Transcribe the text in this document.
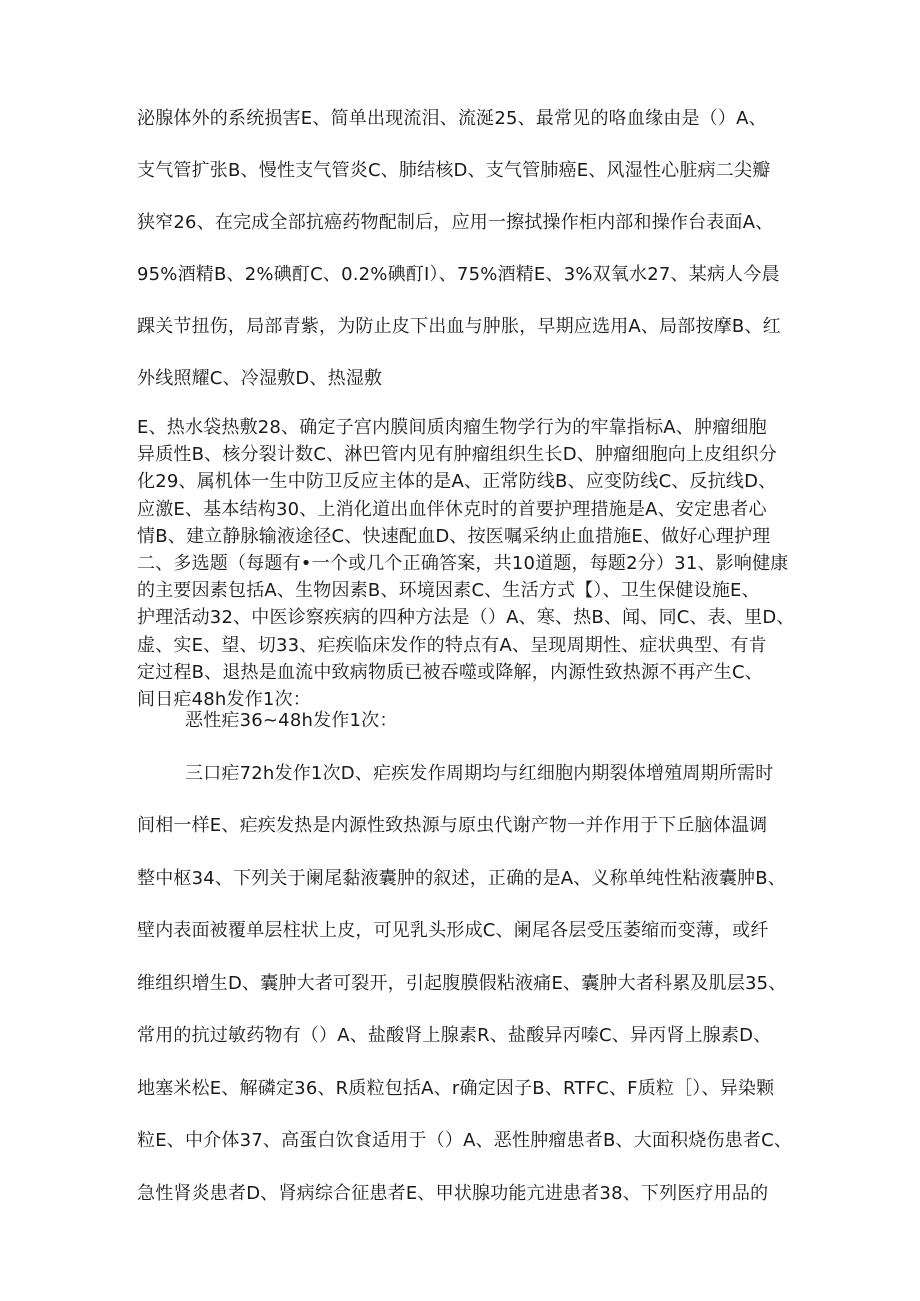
泌腺体外的系统损害E、简单出现流泪、流涎25、最常见的咯血缘由是（）A、

支气管扩张B、慢性支气管炎C、肺结核D、支气管肺癌E、风湿性心脏病二尖瓣

狭窄26、在完成全部抗癌药物配制后，应用一擦拭操作柜内部和操作台表面A、

95%酒精B、2%碘酊C、0.2%碘酊I）、75%酒精E、3%双氧水27、某病人今晨

踝关节扭伤，局部青紫，为防止皮下出血与肿胀，早期应选用A、局部按摩B、红

外线照耀C、冷湿敷D、热湿敷

E、热水袋热敷28、确定子宫内膜间质肉瘤生物学行为的牢靠指标A、肿瘤细胞

异质性B、核分裂计数C、淋巴管内见有肿瘤组织生长D、肿瘤细胞向上皮组织分

化29、属机体一生中防卫反应主体的是A、正常防线B、应变防线C、反抗线D、

应激E、基本结构30、上消化道出血伴休克时的首要护理措施是A、安定患者心

情B、建立静脉输液途径C、快速配血D、按医嘱采纳止血措施E、做好心理护理

二、多选题（每题有•一个或几个正确答案，共10道题，每题2分）31、影响健康

的主要因素包括A、生物因素B、环境因素C、生活方式【）、卫生保健设施E、

护理活动32、中医诊察疾病的四种方法是（）A、寒、热B、闻、同C、表、里D、

虚、实E、望、切33、疟疾临床发作的特点有A、呈现周期性、症状典型、有肯

定过程B、退热是血流中致病物质已被吞噬或降解，内源性致热源不再产生C、

间日疟48h发作1次：

恶性疟36~48h发作1次：

三口疟72h发作1次D、疟疾发作周期均与红细胞内期裂体增殖周期所需时

间相一样E、疟疾发热是内源性致热源与原虫代谢产物一并作用于下丘脑体温调

整中枢34、下列关于阑尾黏液囊肿的叙述，正确的是A、义称单纯性粘液囊肿B、

壁内表面被覆单层柱状上皮，可见乳头形成C、阑尾各层受压萎缩而变薄，或纤

维组织增生D、囊肿大者可裂开，引起腹膜假粘液痛E、囊肿大者科累及肌层35、

常用的抗过敏药物有（）A、盐酸肾上腺素R、盐酸异丙嗪C、异丙肾上腺素D、

地塞米松E、解磷定36、R质粒包括A、r确定因子B、RTFC、F质粒［）、异染颗

粒E、中介体37、高蛋白饮食适用于（）A、恶性肿瘤患者B、大面积烧伤患者C、

急性肾炎患者D、肾病综合征患者E、甲状腺功能亢进患者38、下列医疗用品的
